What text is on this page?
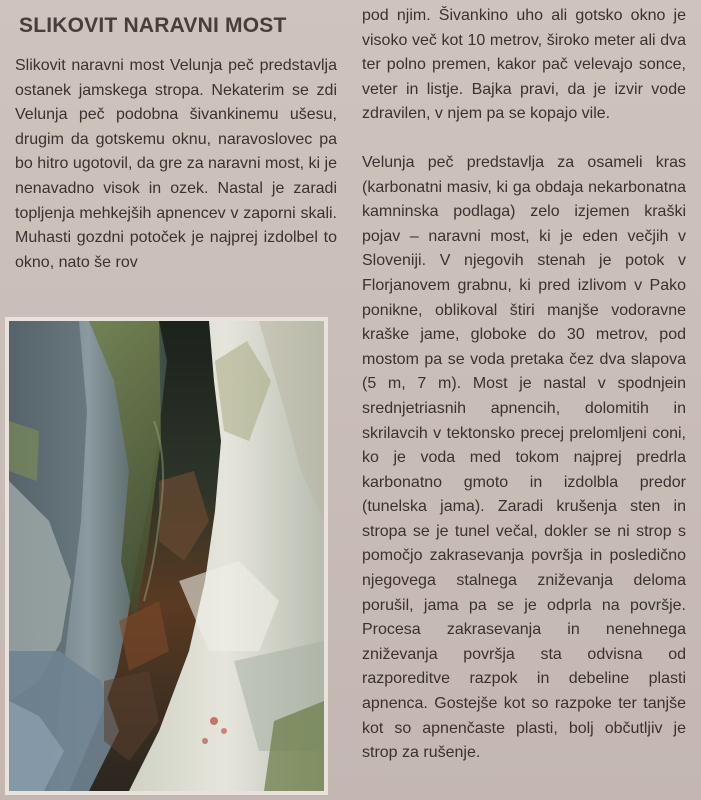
SLIKOVIT NARAVNI MOST

Slikovit naravni most Velunja peč predstavlja ostanek jamskega stropa. Nekaterim se zdi Velunja peč podobna šivankinemu ušesu, drugim da gotskemu oknu, naravoslovec pa bo hitro ugotovil, da gre za naravni most, ki je nenavadno visok in ozek. Nastal je zaradi topljenja mehkejših apnencev v zaporni skali. Muhasti gozdni potoček je najprej izdolbel to okno, nato še rov

pod njim. Šivankino uho ali gotsko okno je visoko več kot 10 metrov, široko meter ali dva ter polno premen, kakor pač velevajo sonce, veter in listje. Bajka pravi, da je izvir vode zdravilen, v njem pa se kopajo vile.

Velunja peč predstavlja za osameli kras (karbonatni masiv, ki ga obdaja nekarbonatna kamninska podlaga) zelo izjemen kraški pojav – naravni most, ki je eden večjih v Sloveniji. V njegovih stenah je potok v Florjanovem grabnu, ki pred izlivom v Pako ponikne, oblikoval štiri manjše vodoravne kraške jame, globoke do 30 metrov, pod mostom pa se voda pretaka čez dva slapova (5 m, 7 m). Most je nastal v spodnjein srednjetriasnih apnencih, dolomitih in skrilavcih v tektonsko precej prelomljeni coni, ko je voda med tokom najprej predrla karbonatno gmoto in izdolbla predor (tunelska jama). Zaradi krušenja sten in stropa se je tunel večal, dokler se ni strop s pomočjo zakrasevanja površja in posledično njegovega stalnega zniževanja deloma porušil, jama pa se je odprla na površje. Procesa zakrasevanja in nenehnega zniževanja površja sta odvisna od razporeditve razpok in debeline plasti apnenca. Gostejše kot so razpoke ter tanjše kot so apnenčaste plasti, bolj občutljiv je strop za rušenje.
